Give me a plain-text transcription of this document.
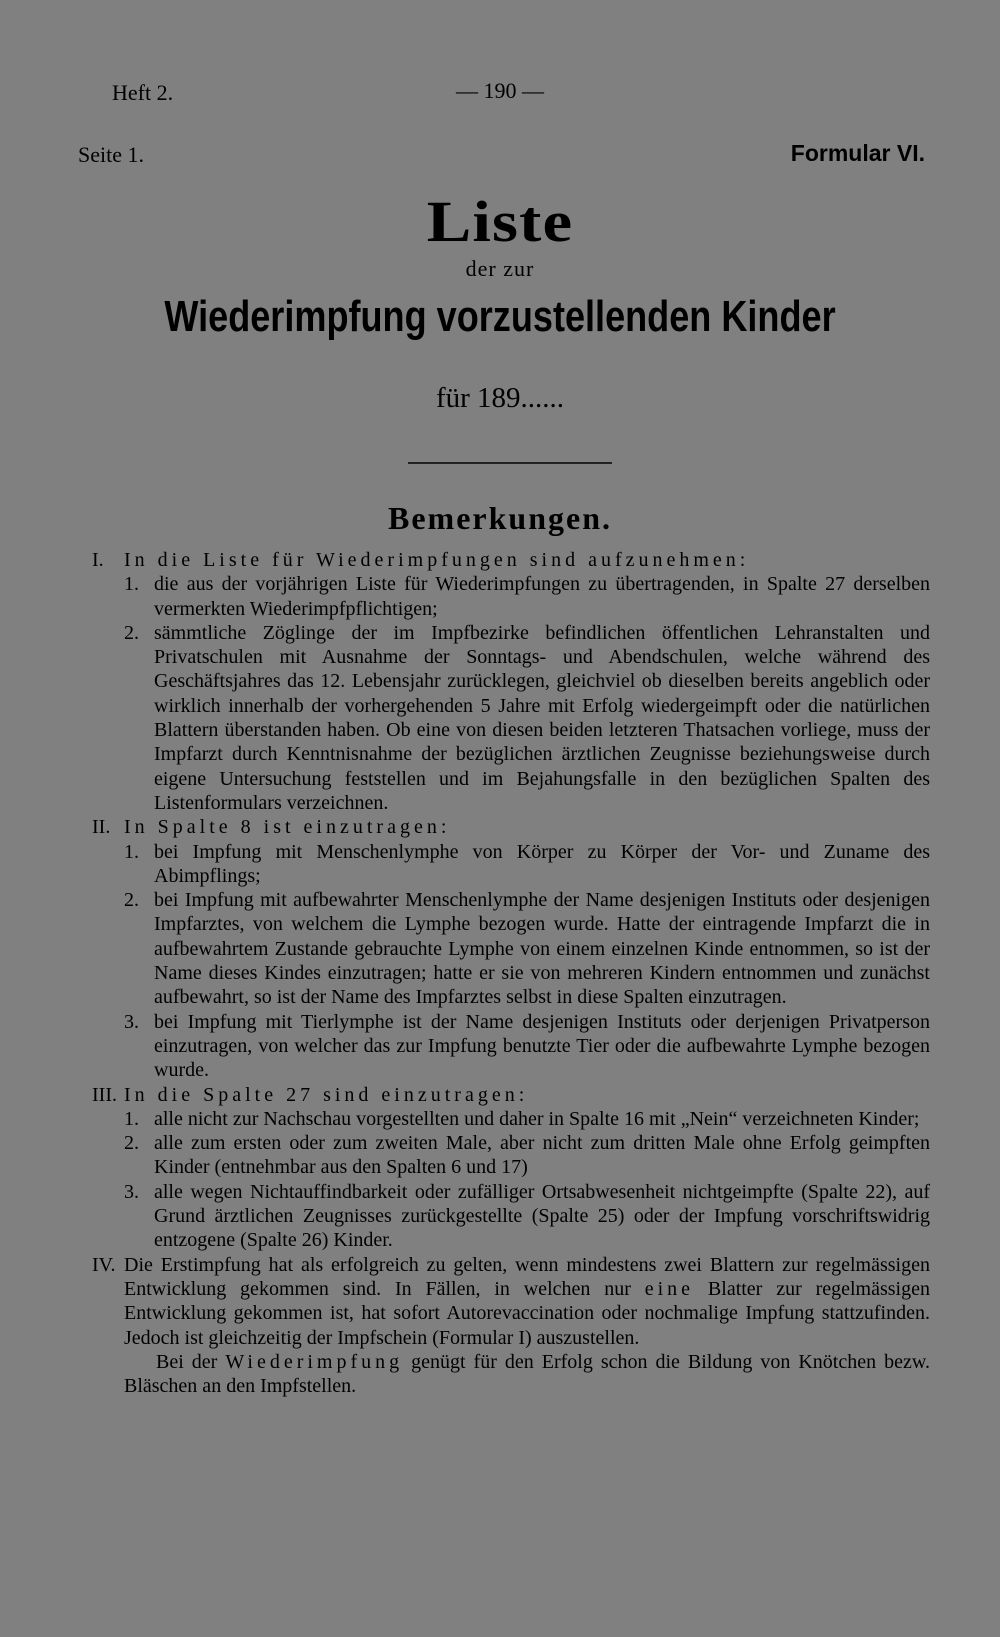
Heft 2.	— 190 —
Seite 1.	Formular VI.
Liste
der zur
Wiederimpfung vorzustellenden Kinder
für 189......
Bemerkungen.
I.	In die Liste für Wiederimpfungen sind aufzunehmen:
1. die aus der vorjährigen Liste für Wiederimpfungen zu übertragenden, in Spalte 27 derselben vermerkten Wiederimpfpflichtigen;
2. sämmtliche Zöglinge der im Impfbezirke befindlichen öffentlichen Lehranstalten und Privatschulen mit Ausnahme der Sonntags- und Abendschulen, welche während des Geschäftsjahres das 12. Lebensjahr zurücklegen, gleichviel ob dieselben bereits angeblich oder wirklich innerhalb der vorhergehenden 5 Jahre mit Erfolg wiedergeimpft oder die natürlichen Blattern überstanden haben. Ob eine von diesen beiden letzteren Thatsachen vorliege, muss der Impfarzt durch Kenntnisnahme der bezüglichen ärztlichen Zeugnisse beziehungsweise durch eigene Untersuchung feststellen und im Bejahungsfalle in den bezüglichen Spalten des Listenformulars verzeichnen.
II. In Spalte 8 ist einzutragen:
1. bei Impfung mit Menschenlymphe von Körper zu Körper der Vor- und Zuname des Abimpflings;
2. bei Impfung mit aufbewahrter Menschenlymphe der Name desjenigen Instituts oder desjenigen Impfarztes, von welchem die Lymphe bezogen wurde. Hatte der eintragende Impfarzt die in aufbewahrtem Zustande gebrauchte Lymphe von einem einzelnen Kinde entnommen, so ist der Name dieses Kindes einzutragen; hatte er sie von mehreren Kindern entnommen und zunächst aufbewahrt, so ist der Name des Impfarztes selbst in diese Spalten einzutragen.
3. bei Impfung mit Tierlymphe ist der Name desjenigen Instituts oder derjenigen Privatperson einzutragen, von welcher das zur Impfung benutzte Tier oder die aufbewahrte Lymphe bezogen wurde.
III. In die Spalte 27 sind einzutragen:
1. alle nicht zur Nachschau vorgestellten und daher in Spalte 16 mit „Nein“ verzeichneten Kinder;
2. alle zum ersten oder zum zweiten Male, aber nicht zum dritten Male ohne Erfolg geimpften Kinder (entnehmbar aus den Spalten 6 und 17)
3. alle wegen Nichtauffindbarkeit oder zufälliger Ortsabwesenheit nichtgeimpfte (Spalte 22), auf Grund ärztlichen Zeugnisses zurückgestellte (Spalte 25) oder der Impfung vorschriftswidrig entzogene (Spalte 26) Kinder.
IV. Die Erstimpfung hat als erfolgreich zu gelten, wenn mindestens zwei Blattern zur regelmässigen Entwicklung gekommen sind. In Fällen, in welchen nur eine Blatter zur regelmässigen Entwicklung gekommen ist, hat sofort Autorevaccination oder nochmalige Impfung stattzufinden. Jedoch ist gleichzeitig der Impfschein (Formular I) auszustellen.
Bei der Wiederimpfung genügt für den Erfolg schon die Bildung von Knötchen bezw. Bläschen an den Impfstellen.
